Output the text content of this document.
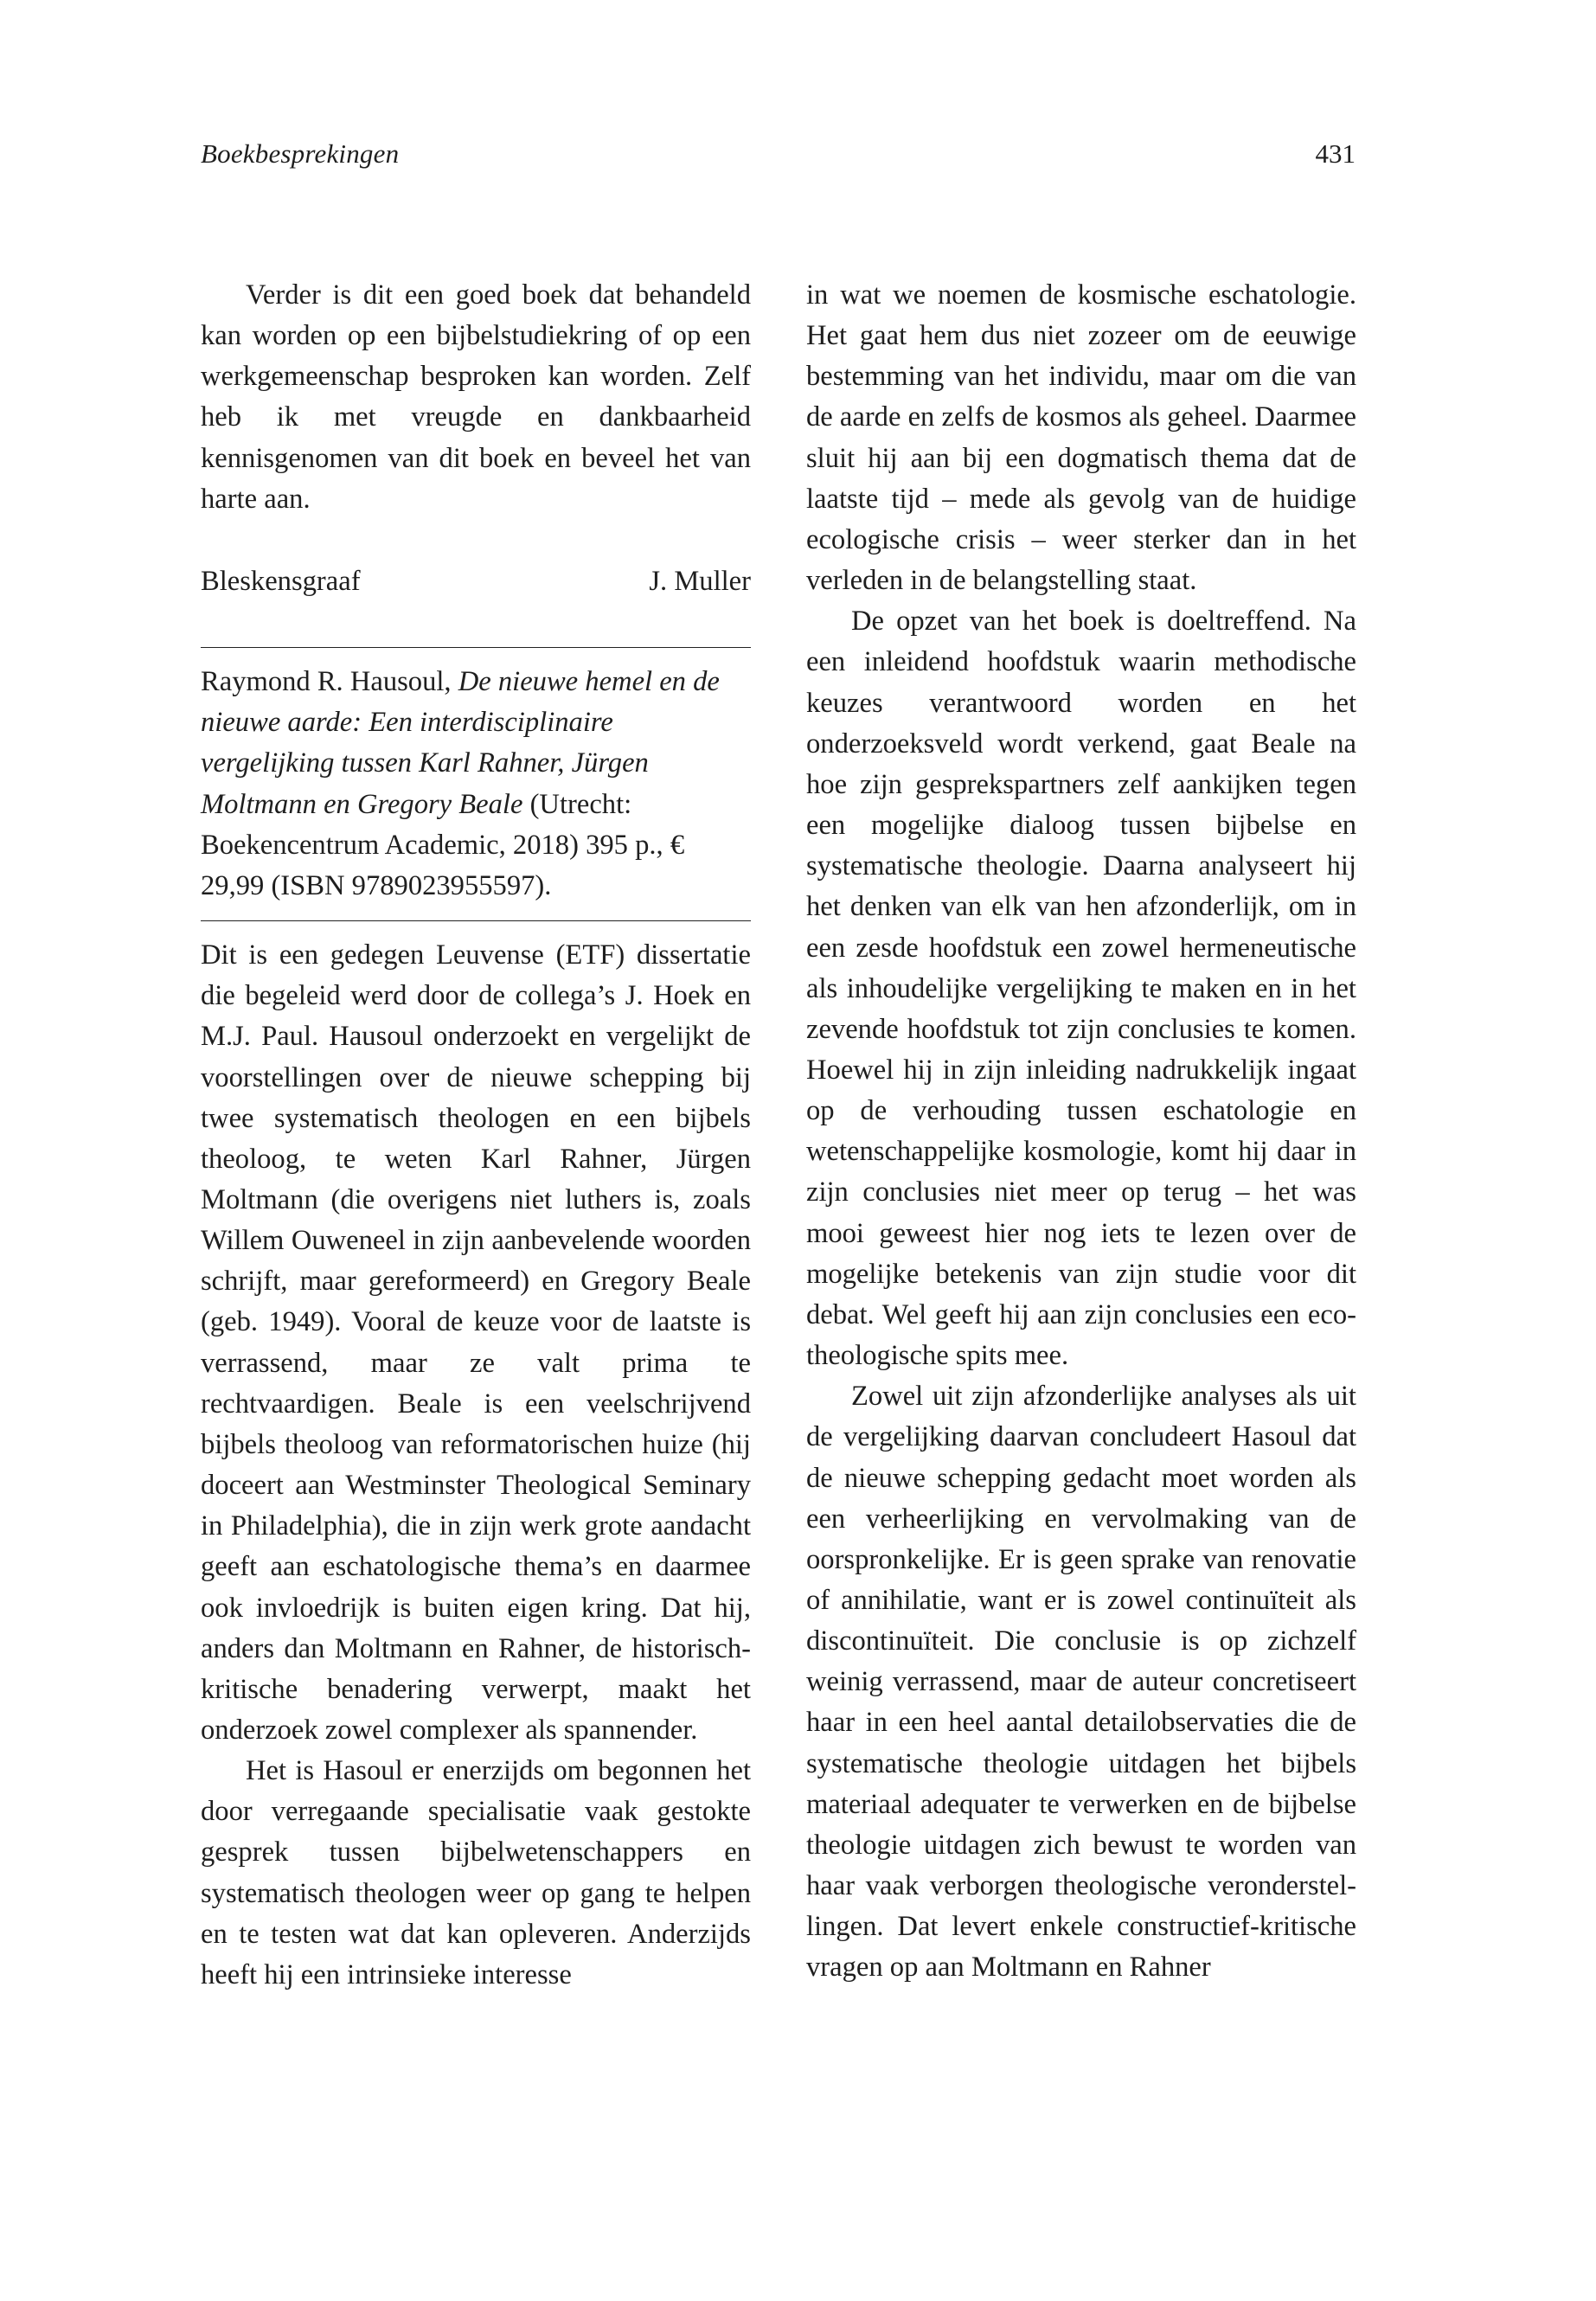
Boekbesprekingen	431

Verder is dit een goed boek dat behandeld kan worden op een bijbelstudiekring of op een werkgemeenschap besproken kan worden. Zelf heb ik met vreugde en dankbaarheid kennisgenomen van dit boek en beveel het van harte aan.

Bleskensgraaf	J. Muller

Raymond R. Hausoul, De nieuwe hemel en de nieuwe aarde: Een interdisciplinaire vergelijking tussen Karl Rahner, Jürgen Moltmann en Gregory Beale (Utrecht: Boekencentrum Academic, 2018) 395 p., € 29,99 (ISBN 9789023955597).

Dit is een gedegen Leuvense (ETF) dissertatie die begeleid werd door de collega’s J. Hoek en M.J. Paul. Hausoul onderzoekt en vergelijkt de voorstellingen over de nieuwe schepping bij twee systematisch theologen en een bijbels theoloog, te weten Karl Rahner, Jürgen Moltmann (die overigens niet luthers is, zoals Willem Ouweneel in zijn aanbevelende woorden schrijft, maar gereformeerd) en Gregory Beale (geb. 1949). Vooral de keuze voor de laatste is verrassend, maar ze valt prima te rechtvaardigen. Beale is een veelschrijvend bijbels theoloog van reformatorischen huize (hij doceert aan Westminster Theological Seminary in Philadelphia), die in zijn werk grote aandacht geeft aan eschatologische thema’s en daarmee ook invloedrijk is buiten eigen kring. Dat hij, anders dan Moltmann en Rahner, de historisch-kritische benadering verwerpt, maakt het onderzoek zowel complexer als spannender.

Het is Hasoul er enerzijds om begonnen het door verregaande specialisatie vaak gestokte gesprek tussen bijbelwetenschappers en systematisch theologen weer op gang te helpen en te testen wat dat kan opleveren. Anderzijds heeft hij een intrinsieke interesse

in wat we noemen de kosmische eschatologie. Het gaat hem dus niet zozeer om de eeuwige bestemming van het individu, maar om die van de aarde en zelfs de kosmos als geheel. Daarmee sluit hij aan bij een dogmatisch thema dat de laatste tijd – mede als gevolg van de huidige ecologische crisis – weer sterker dan in het verleden in de belangstelling staat.

De opzet van het boek is doeltreffend. Na een inleidend hoofdstuk waarin methodische keuzes verantwoord worden en het onderzoeksveld wordt verkend, gaat Beale na hoe zijn gesprekspartners zelf aankijken tegen een mogelijke dialoog tussen bijbelse en systematische theologie. Daarna analyseert hij het denken van elk van hen afzonderlijk, om in een zesde hoofdstuk een zowel hermeneutische als inhoudelijke vergelijking te maken en in het zevende hoofdstuk tot zijn conclusies te komen. Hoewel hij in zijn inleiding nadrukkelijk ingaat op de verhouding tussen eschatologie en wetenschappelijke kosmologie, komt hij daar in zijn conclusies niet meer op terug – het was mooi geweest hier nog iets te lezen over de mogelijke betekenis van zijn studie voor dit debat. Wel geeft hij aan zijn conclusies een ecotheologische spits mee.

Zowel uit zijn afzonderlijke analyses als uit de vergelijking daarvan concludeert Hasoul dat de nieuwe schepping gedacht moet worden als een verheerlijking en vervolmaking van de oorspronkelijke. Er is geen sprake van renovatie of annihilatie, want er is zowel continuïteit als discontinuïteit. Die conclusie is op zichzelf weinig verrassend, maar de auteur concretiseert haar in een heel aantal detailobservaties die de systematische theologie uitdagen het bijbels materiaal adequater te verwerken en de bijbelse theologie uitdagen zich bewust te worden van haar vaak verborgen theologische veronderstellingen. Dat levert enkele constructief-kritische vragen op aan Moltmann en Rahner
